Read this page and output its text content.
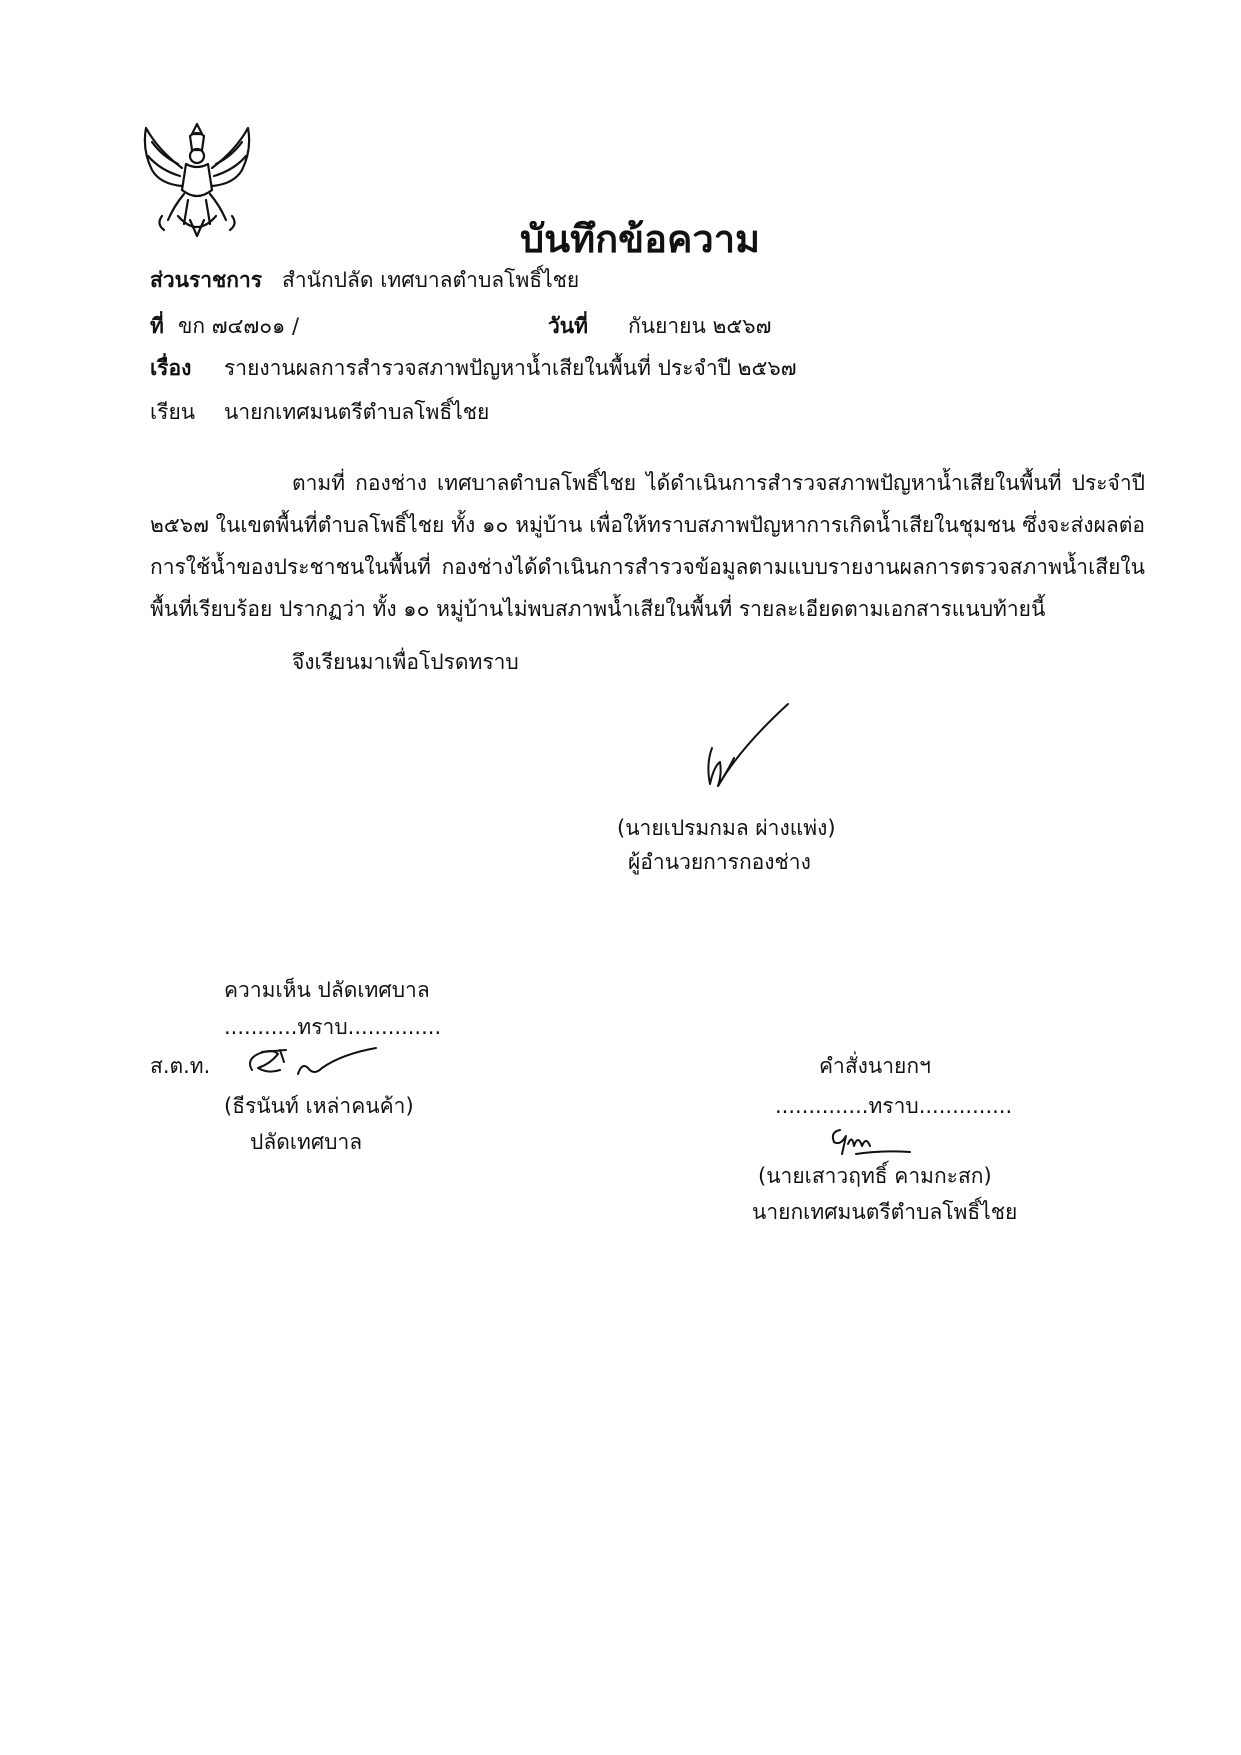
บันทึกข้อความ
ส่วนราชการ สำนักปลัด เทศบาลตำบลโพธิ์ไชย
ที่ ขก ๗๔๗๐๑ /	วันที่ กันยายน ๒๕๖๗
เรื่อง รายงานผลการสำรวจสภาพปัญหาน้ำเสียในพื้นที่ ประจำปี ๒๕๖๗
เรียน นายกเทศมนตรีตำบลโพธิ์ไชย
ตามที่ กองช่าง เทศบาลตำบลโพธิ์ไชย ได้ดำเนินการสำรวจสภาพปัญหาน้ำเสียในพื้นที่ ประจำปี
๒๕๖๗ ในเขตพื้นที่ตำบลโพธิ์ไชย ทั้ง ๑๐ หมู่บ้าน เพื่อให้ทราบสภาพปัญหาการเกิดน้ำเสียในชุมชน ซึ่งจะส่งผลต่อ
การใช้น้ำของประชาชนในพื้นที่ กองช่างได้ดำเนินการสำรวจข้อมูลตามแบบรายงานผลการตรวจสภาพน้ำเสียใน
พื้นที่เรียบร้อย ปรากฏว่า ทั้ง ๑๐ หมู่บ้านไม่พบสภาพน้ำเสียในพื้นที่ รายละเอียดตามเอกสารแนบท้ายนี้
จึงเรียนมาเพื่อโปรดทราบ
(นายเปรมกมล ผ่างแพ่ง)
ผู้อำนวยการกองช่าง
ความเห็น ปลัดเทศบาล
...........ทราบ..............
ส.ต.ท.
(ธีรนันท์ เหล่าคนค้า)
ปลัดเทศบาล
คำสั่งนายกฯ
..............ทราบ..............
(นายเสาวฤทธิ์ คามกะสก)
นายกเทศมนตรีตำบลโพธิ์ไชย
